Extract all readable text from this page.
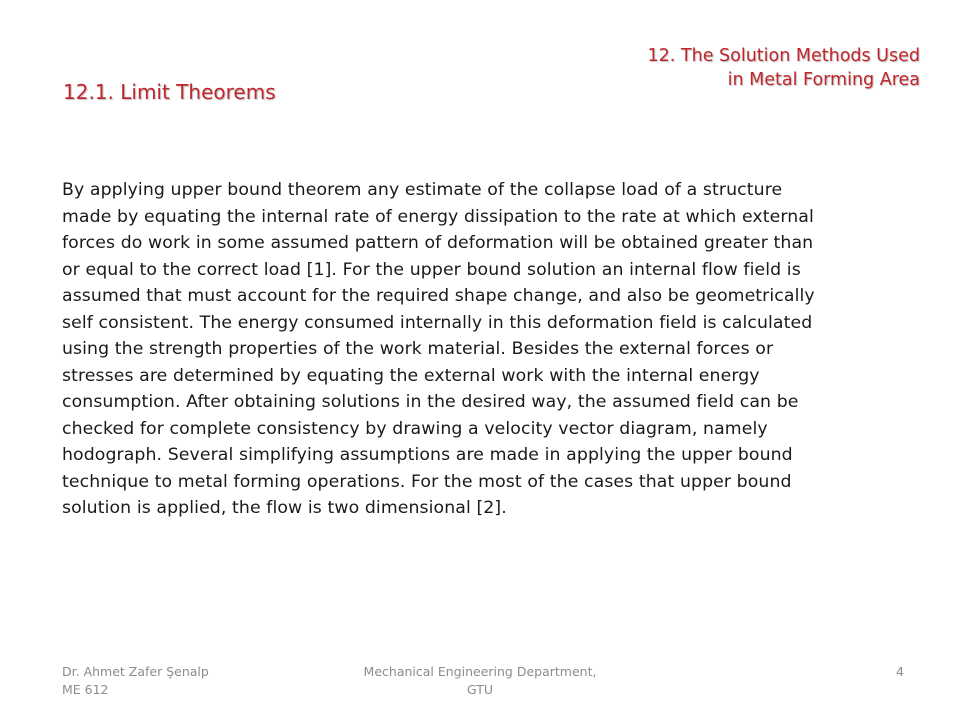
12. The Solution Methods Used
in Metal Forming Area
12.1. Limit Theorems
By applying upper bound theorem any estimate of the collapse load of a structure
made by equating the internal rate of energy dissipation to the rate at which external
forces do work in some assumed pattern of deformation will be obtained greater than
or equal to the correct load [1]. For the upper bound solution an internal flow field is
assumed that must account for the required shape change, and also be geometrically
self consistent. The energy consumed internally in this deformation field is calculated
using the strength properties of the work material. Besides the external forces or
stresses are determined by equating the external work with the internal energy
consumption. After obtaining solutions in the desired way, the assumed field can be
checked for complete consistency by drawing a velocity vector diagram, namely
hodograph. Several simplifying assumptions are made in applying the upper bound
technique to metal forming operations. For the most of the cases that upper bound
solution is applied, the flow is two dimensional [2].
Dr. Ahmet Zafer Şenalp
ME 612
Mechanical Engineering Department,
GTU
4
